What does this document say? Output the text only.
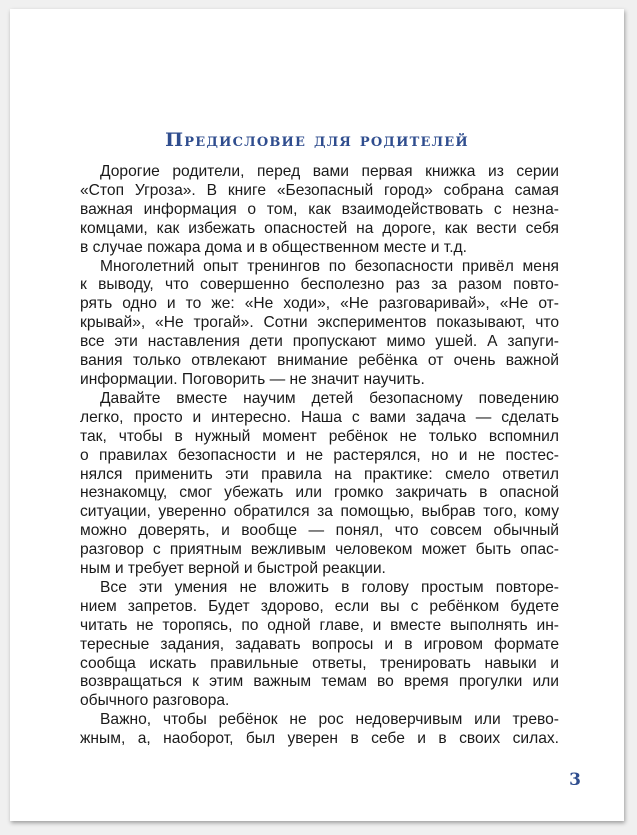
Предисловие для родителей
Дорогие родители, перед вами первая книжка из серии
«Стоп Угроза». В книге «Безопасный город» собрана самая
важная информация о том, как взаимодействовать с незна-
комцами, как избежать опасностей на дороге, как вести себя
в случае пожара дома и в общественном месте и т.д.
Многолетний опыт тренингов по безопасности привёл меня
к выводу, что совершенно бесполезно раз за разом повто-
рять одно и то же: «Не ходи», «Не разговаривай», «Не от-
крывай», «Не трогай». Сотни экспериментов показывают, что
все эти наставления дети пропускают мимо ушей. А запуги-
вания только отвлекают внимание ребёнка от очень важной
информации. Поговорить — не значит научить.
Давайте вместе научим детей безопасному поведению
легко, просто и интересно. Наша с вами задача — сделать
так, чтобы в нужный момент ребёнок не только вспомнил
о правилах безопасности и не растерялся, но и не постес-
нялся применить эти правила на практике: смело ответил
незнакомцу, смог убежать или громко закричать в опасной
ситуации, уверенно обратился за помощью, выбрав того, кому
можно доверять, и вообще — понял, что совсем обычный
разговор с приятным вежливым человеком может быть опас-
ным и требует верной и быстрой реакции.
Все эти умения не вложить в голову простым повторе-
нием запретов. Будет здорово, если вы с ребёнком будете
читать не торопясь, по одной главе, и вместе выполнять ин-
тересные задания, задавать вопросы и в игровом формате
сообща искать правильные ответы, тренировать навыки и
возвращаться к этим важным темам во время прогулки или
обычного разговора.
Важно, чтобы ребёнок не рос недоверчивым или трево-
жным, а, наоборот, был уверен в себе и в своих силах.
3
